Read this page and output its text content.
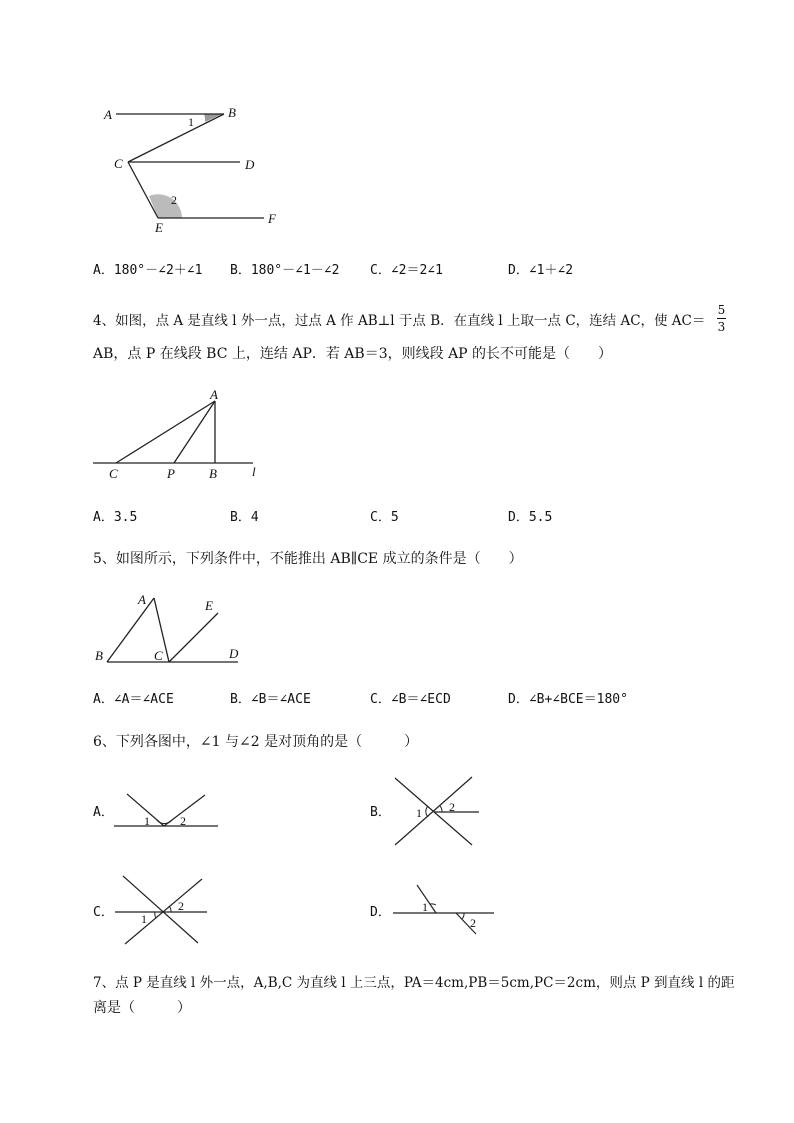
A	B
C	D
E
F
1
2
A．180°－∠2＋∠1 B．180°－∠1－∠2 C．∠2＝2∠1	D．∠1＋∠2
4、如图，点 A 是直线 l 外一点，过点 A 作 AB⊥l 于点 B．在直线 l 上取一点 C，连结 AC，使 AC＝
5
3
AB，点 P 在线段 BC 上，连结 AP．若 AB＝3，则线段 AP 的长不可能是（　　）
A
C	P	B	l
A．3.5	B．4	C．5	D．5.5
5、如图所示，下列条件中，不能推出 AB∥CE 成立的条件是（　　）
A
B	C	D
E
A．∠A＝∠ACE	B．∠B＝∠ACE	C．∠B＝∠ECD	D．∠B+∠BCE＝180°
6、下列各图中，∠1 与∠2 是对顶角的是（　　　）
A．
1	2
B． 1 2
C． 1
2	D．	1
2
7、点 P 是直线 l 外一点，A,B,C 为直线 l 上三点，PA＝4cm,PB＝5cm,PC＝2cm，则点 P 到直线 l 的距
离是（　　　）
